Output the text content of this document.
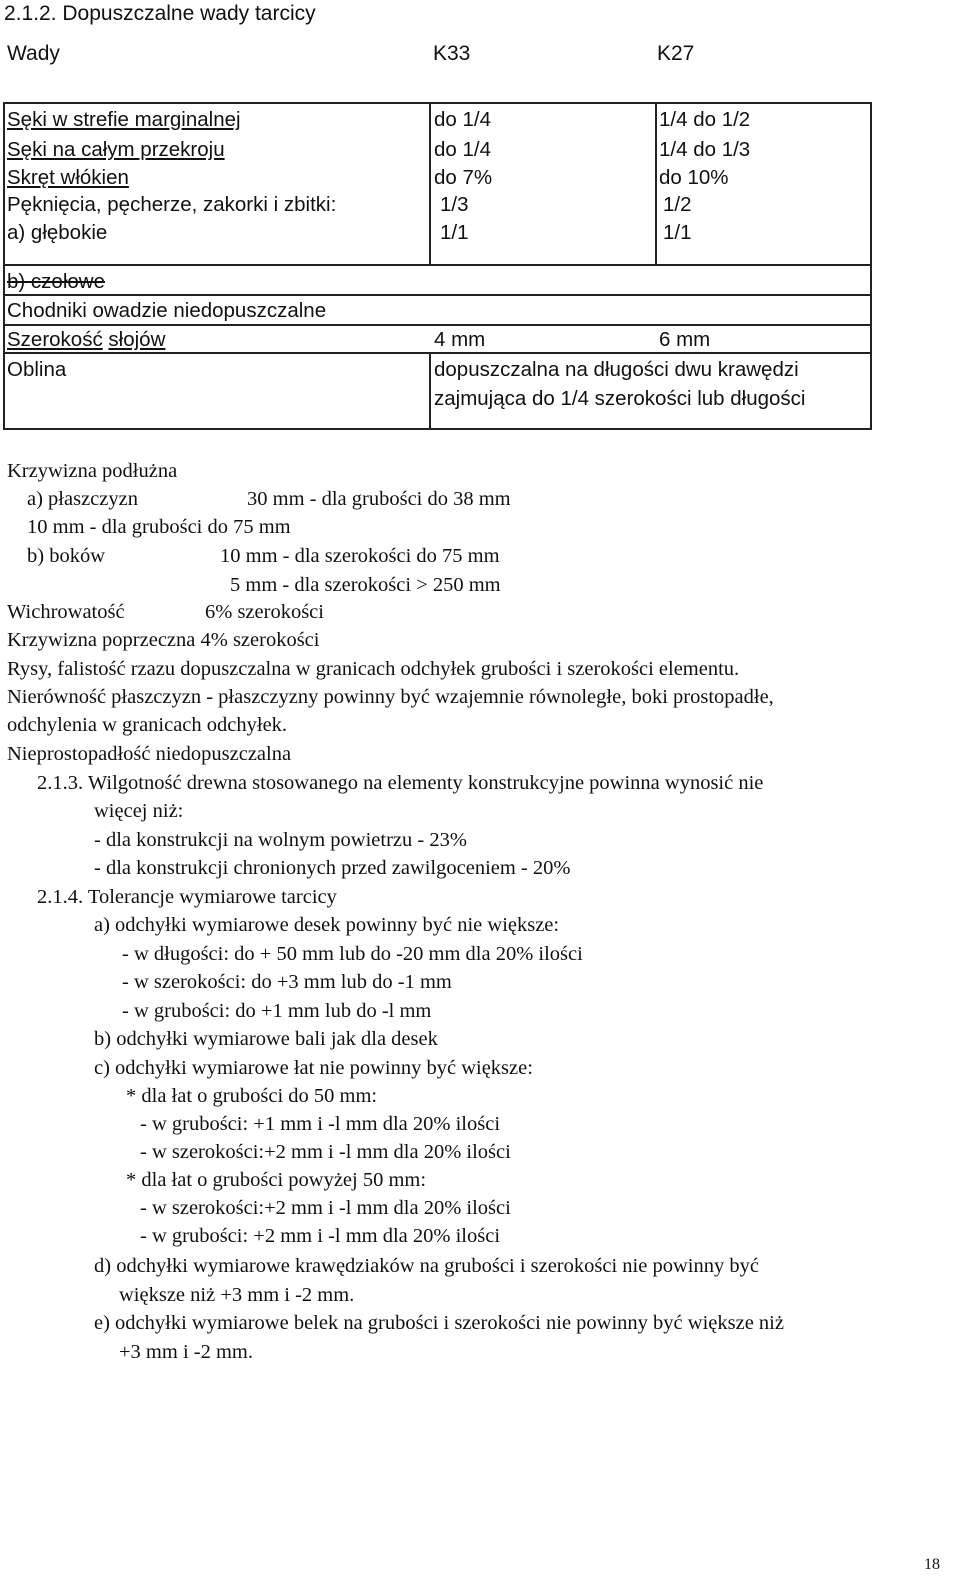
2.1.2. Dopuszczalne wady tarcicy
Wady	K33	K27
Sęki w strefie marginalnej	do 1/4	1/4 do 1/2
Sęki na całym przekroju	do 1/4	1/4 do 1/3
Skręt włókien	do 7%	do 10%
Pęknięcia, pęcherze, zakorki i zbitki:	1/3	1/2
a) głębokie	1/1	1/1
b) czołowe
Chodniki owadzie niedopuszczalne
Szerokość słojów	4 mm	6 mm
Oblina	dopuszczalna na długości dwu krawędzi
zajmująca do 1/4 szerokości lub długości
Krzywizna podłużna
a) płaszczyzn	30 mm - dla grubości do 38 mm
10 mm - dla grubości do 75 mm
b) boków	10 mm - dla szerokości do 75 mm
5 mm - dla szerokości > 250 mm
Wichrowatość	6% szerokości
Krzywizna poprzeczna 4% szerokości
Rysy, falistość rzazu dopuszczalna w granicach odchyłek grubości i szerokości elementu.
Nierówność płaszczyzn - płaszczyzny powinny być wzajemnie równoległe, boki prostopadłe,
odchylenia w granicach odchyłek.
Nieprostopadłość niedopuszczalna
2.1.3. Wilgotność drewna stosowanego na elementy konstrukcyjne powinna wynosić nie
więcej niż:
- dla konstrukcji na wolnym powietrzu - 23%
- dla konstrukcji chronionych przed zawilgoceniem - 20%
2.1.4. Tolerancje wymiarowe tarcicy
a) odchyłki wymiarowe desek powinny być nie większe:
- w długości: do + 50 mm lub do -20 mm dla 20% ilości
- w szerokości: do +3 mm lub do -1 mm
- w grubości: do +1 mm lub do -l mm
b) odchyłki wymiarowe bali jak dla desek
c) odchyłki wymiarowe łat nie powinny być większe:
* dla łat o grubości do 50 mm:
- w grubości: +1 mm i -l mm dla 20% ilości
- w szerokości:+2 mm i -l mm dla 20% ilości
* dla łat o grubości powyżej 50 mm:
- w szerokości:+2 mm i -l mm dla 20% ilości
- w grubości: +2 mm i -l mm dla 20% ilości
d) odchyłki wymiarowe krawędziaków na grubości i szerokości nie powinny być
większe niż +3 mm i -2 mm.
e) odchyłki wymiarowe belek na grubości i szerokości nie powinny być większe niż
+3 mm i -2 mm.
18
